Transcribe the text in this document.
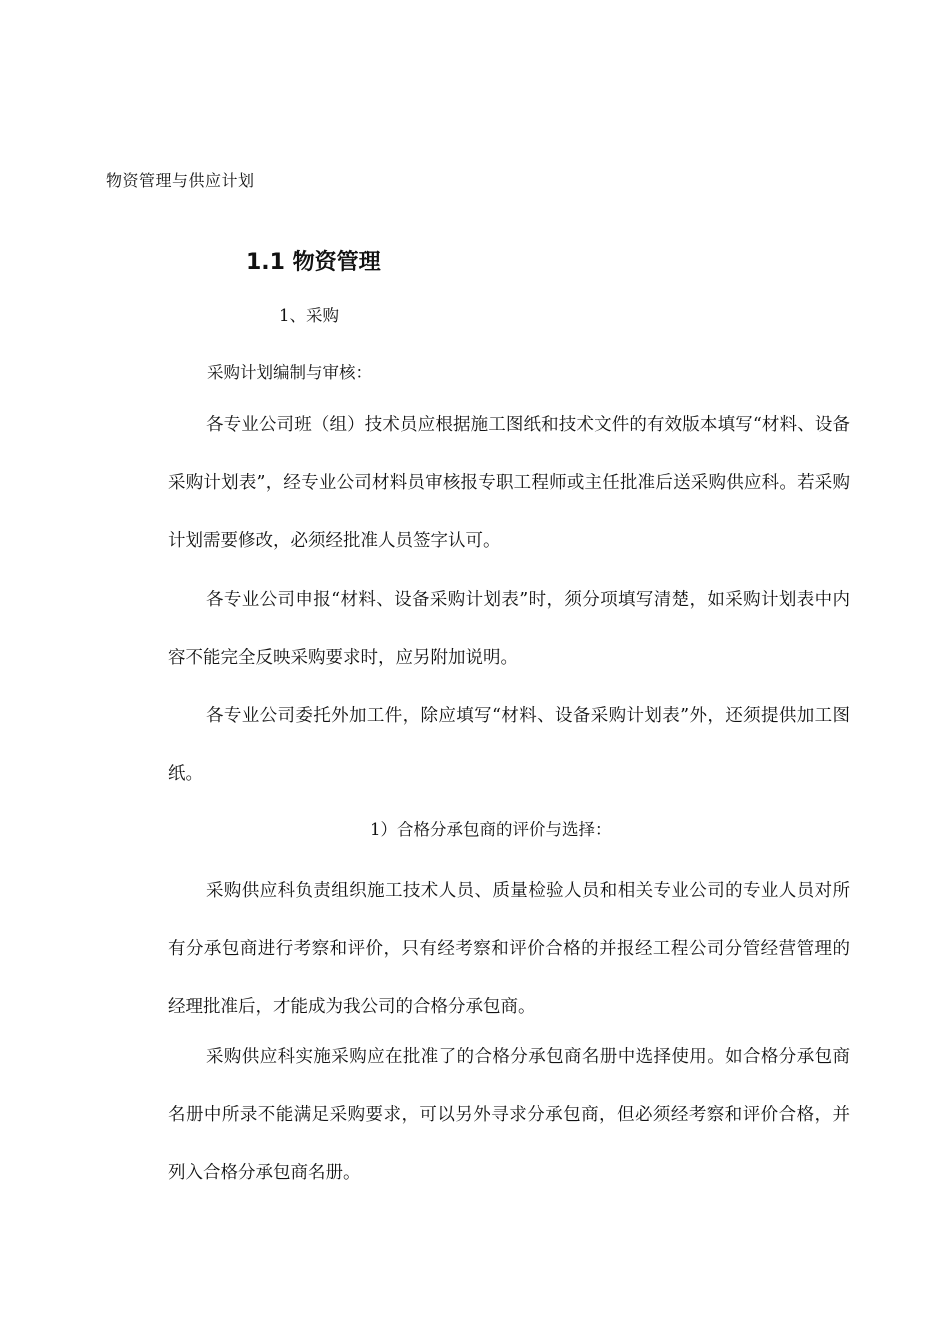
物资管理与供应计划
1.1 物资管理
1、采购
采购计划编制与审核：

各专业公司班（组）技术员应根据施工图纸和技术文件的有效版本填写“材料、设备采购计划表”，经专业公司材料员审核报专职工程师或主任批准后送采购供应科。若采购计划需要修改，必须经批准人员签字认可。

各专业公司申报“材料、设备采购计划表”时，须分项填写清楚，如采购计划表中内容不能完全反映采购要求时，应另附加说明。

各专业公司委托外加工件，除应填写“材料、设备采购计划表”外，还须提供加工图纸。

1）合格分承包商的评价与选择：

采购供应科负责组织施工技术人员、质量检验人员和相关专业公司的专业人员对所有分承包商进行考察和评价，只有经考察和评价合格的并报经工程公司分管经营管理的经理批准后，才能成为我公司的合格分承包商。

采购供应科实施采购应在批准了的合格分承包商名册中选择使用。如合格分承包商名册中所录不能满足采购要求，可以另外寻求分承包商，但必须经考察和评价合格，并列入合格分承包商名册。
